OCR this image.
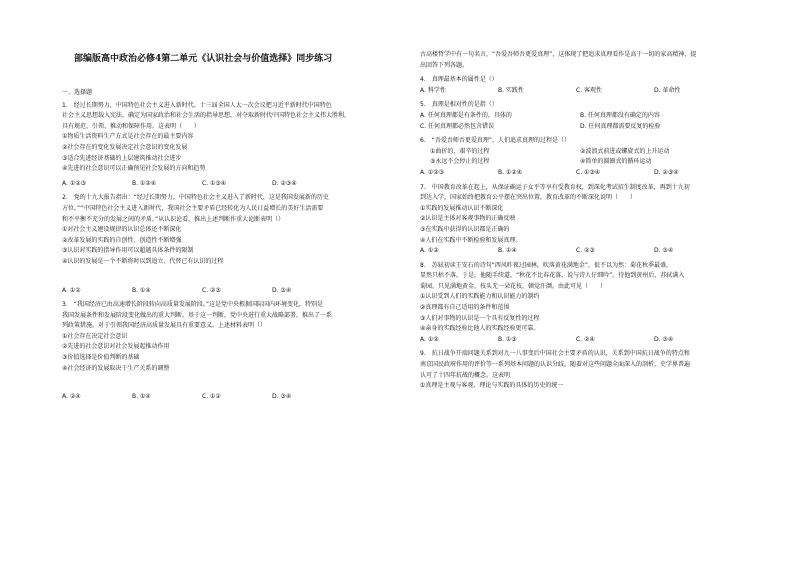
部编版高中政治必修4第二单元《认识社会与价值选择》同步练习
一、选择题

1.　经过长期努力，中国特色社会主义进入新时代。十三届全国人大一次会议把习近平新时代中国特色

社会主义思想载入宪法，确定为国家政治和社会生活的指导思想，对夺取新时代中国特色社会主义伟大胜利，

具有规范、引领、推动和保障作用。这表明（　　）

①物质生活资料生产方式是社会存在的最主要内容

②社会存在的变化发展决定社会意识的变化发展

③适合先进经济基础的上层建筑推动社会进步

④先进的社会意识可以正确预见社会发展的方向和趋势

A. ①②③	B. ①②④	C. ①③④	D. ②③④

2.　党的十九大报告指出：“经过长期努力，中国特色社会主义进入了新时代，这是我国发展新的历史

方位。”“中国特色社会主义进入新时代，我国社会主要矛盾已经转化为人民日益增长的美好生活需要

和不平衡不充分的发展之间的矛盾。”从认识论看，推出上述判断作重大论断表明（）

①对社会主义建设规律的认识总体还不断深化

②改革发展的实践的自创性、创造性不断增强

③认识对实践的指导作用可以超越具体条件的限制

④认识的发展是一个不断将时以到追立、代替已有认识的过程

A. ①②	B. ①④	C. ②③	D. ③④

3.　“我国经济已由高速增长阶段转向高质量发展阶段。”这是党中央根据国际国内环境变化，特别是

我国发展条件和发展阶段变化做出的重大判断。基于这一判断，党中央进行重大战略部署，推出了一系

列政策措施。对于引领我国经济高质量发展具有重要意义。上述材料表明（）

①社会存在决定社会意识

②先进的社会意识对社会发展起推动作用

③价值选择是价值判断的基础

④社会经济的发展取决于生产关系的调整

A. ②④	B. ①④	C. ①②	D. ③④

古高楼哲学中有一句名言，“吾爱吾师吾更爱真理”，这体现了把追求真理看作是高于一切的家高精神，提

出回答下列各题。

4.　真理最基本的属性是（）

A. 科学性	B. 实践性	C. 客观性	D. 革命性

5.　真理是相对性的是指（）

A. 任何真理都是有条件的，具体的	B. 任何真理都没有确定的内容
C. 任何真理都必然包含错误	D. 任何真理都需要反复的检验

6.　“吾爱吾师吾更爱真理”，人们追求真理的过程是（）

①曲折的、艰辛的过程	②波浪式前进或螺旋式的上升运动
③永远不会停止的过程	④简单的圆圈式的循环运动
A. ①②③	B. ①②④	C. ①③④	D. ②③④

7.　中国教育改革在起上，从保证确运子女平等享有受教育权，到深化考试招生制度改革，再到十九初

到达入学，国家始终把教育公平摆在突出位置。教育改革的不断深化说明（　　）

①实践的发展推动认识不断深化

②认识是主体对客观事物的正确反映

③在实践中获得的认识都是正确的

④人们在实践中不断检验和发展真理。

A. ①②	B. ①④	C. ②③	D. ③④

8.　苏轼初读王安石的诗句“西风昨夜过园林，吹落黄花满地金”，很不以为然：菊花秋季最盛，

显然只枯不落。于是，他随手续道，“秋花不比春花落，说与诗人仔细吟”。待他到黄州后，苏轼满入

菊园，只见满地黄金、枝头无一朵花枝，顿觉汗颜。由此可见（　　）

①认识受到人们的实践能力和认识能力的制约

②真理都有自己适用的条件和范围

③人们对事物的认识是一个具有反复性的过程

④亲身的实践经验比他人的实践经验更可靠。

A. ①②	B. ①③	C. ②④	D. ③④

9.　抗日战争开端问题关系到对九一八事变后中国社会主要矛盾的认识，关系到中国抗日战争的特点和

南京国民政府作用的评价等一系列基本问题的认识分歧。随着对这些问题全面深入的剖析，史学界普遍

认可了十四年抗战的概念。这表明

①真理是主观与客观、理论与实践的具体的历史的统一
